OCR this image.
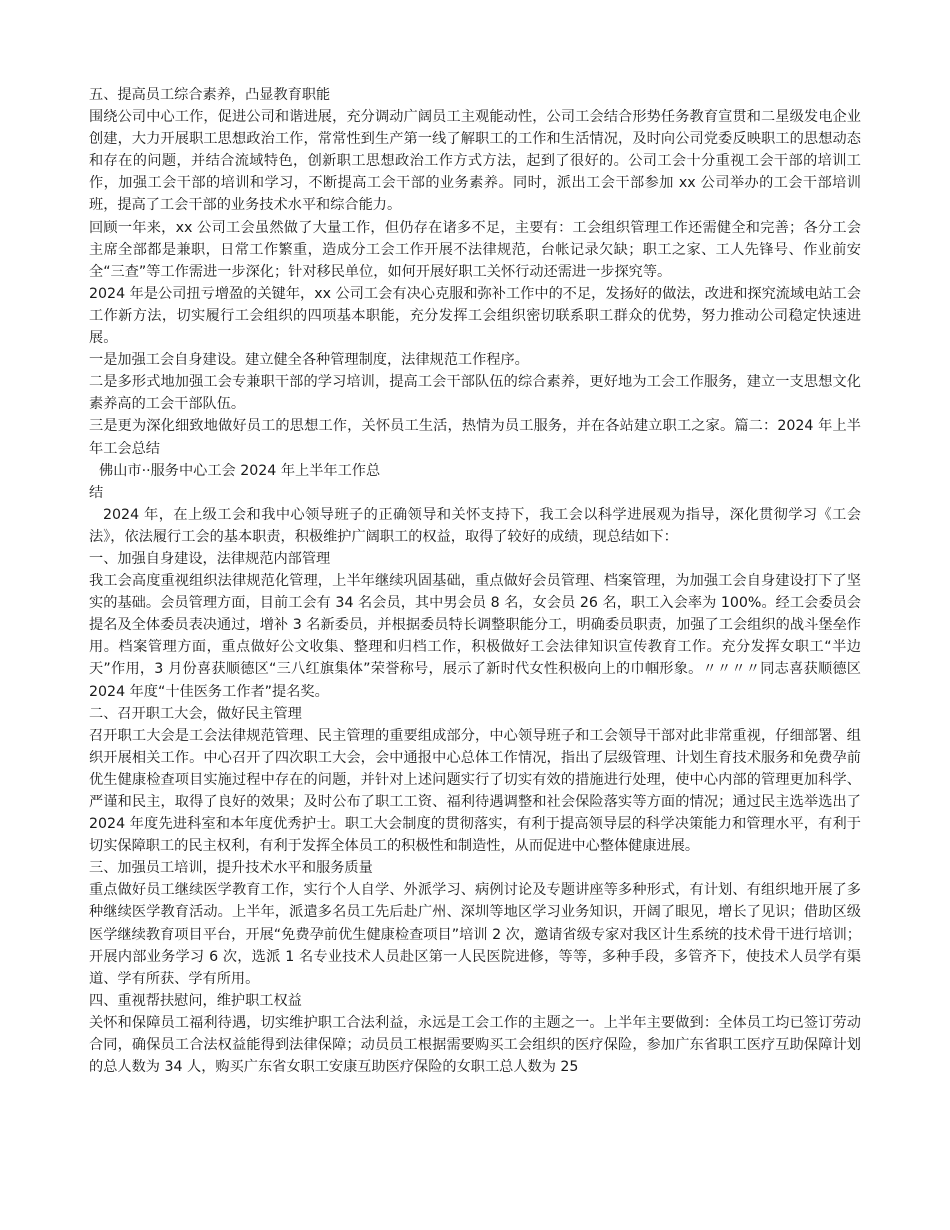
五、提高员工综合素养，凸显教育职能

围绕公司中心工作，促进公司和谐进展，充分调动广阔员工主观能动性，公司工会结合形势任务教育宣贯和二星级发电企业创建，大力开展职工思想政治工作，常常性到生产第一线了解职工的工作和生活情况，及时向公司党委反映职工的思想动态和存在的问题，并结合流域特色，创新职工思想政治工作方式方法，起到了很好的。公司工会十分重视工会干部的培训工作，加强工会干部的培训和学习，不断提高工会干部的业务素养。同时，派出工会干部参加 xx 公司举办的工会干部培训班，提高了工会干部的业务技术水平和综合能力。

回顾一年来，xx 公司工会虽然做了大量工作，但仍存在诸多不足，主要有：工会组织管理工作还需健全和完善；各分工会主席全部都是兼职，日常工作繁重，造成分工会工作开展不法律规范，台帐记录欠缺；职工之家、工人先锋号、作业前安全“三查”等工作需进一步深化；针对移民单位，如何开展好职工关怀行动还需进一步探究等。

2024 年是公司扭亏增盈的关键年，xx 公司工会有决心克服和弥补工作中的不足，发扬好的做法，改进和探究流域电站工会工作新方法，切实履行工会组织的四项基本职能，充分发挥工会组织密切联系职工群众的优势，努力推动公司稳定快速进展。

一是加强工会自身建设。建立健全各种管理制度，法律规范工作程序。

二是多形式地加强工会专兼职干部的学习培训，提高工会干部队伍的综合素养，更好地为工会工作服务，建立一支思想文化素养高的工会干部队伍。

三是更为深化细致地做好员工的思想工作，关怀员工生活，热情为员工服务，并在各站建立职工之家。篇二：2024 年上半年工会总结

佛山市··服务中心工会 2024 年上半年工作总

结

2024 年，在上级工会和我中心领导班子的正确领导和关怀支持下，我工会以科学进展观为指导，深化贯彻学习《工会法》，依法履行工会的基本职责，积极维护广阔职工的权益，取得了较好的成绩，现总结如下：

一、加强自身建设，法律规范内部管理

我工会高度重视组织法律规范化管理，上半年继续巩固基础，重点做好会员管理、档案管理，为加强工会自身建设打下了坚实的基础。会员管理方面，目前工会有 34 名会员，其中男会员 8 名，女会员 26 名，职工入会率为 100%。经工会委员会提名及全体委员表决通过，增补 3 名新委员，并根据委员特长调整职能分工，明确委员职责，加强了工会组织的战斗堡垒作用。档案管理方面，重点做好公文收集、整理和归档工作，积极做好工会法律知识宣传教育工作。充分发挥女职工“半边天”作用，3 月份喜获顺德区“三八红旗集体”荣誉称号，展示了新时代女性积极向上的巾帼形象。〃〃〃〃同志喜获顺德区 2024 年度“十佳医务工作者”提名奖。

二、召开职工大会，做好民主管理

召开职工大会是工会法律规范管理、民主管理的重要组成部分，中心领导班子和工会领导干部对此非常重视，仔细部署、组织开展相关工作。中心召开了四次职工大会，会中通报中心总体工作情况，指出了层级管理、计划生育技术服务和免费孕前优生健康检查项目实施过程中存在的问题，并针对上述问题实行了切实有效的措施进行处理，使中心内部的管理更加科学、严谨和民主，取得了良好的效果；及时公布了职工工资、福利待遇调整和社会保险落实等方面的情况；通过民主选举选出了 2024 年度先进科室和本年度优秀护士。职工大会制度的贯彻落实，有利于提高领导层的科学决策能力和管理水平，有利于切实保障职工的民主权利，有利于发挥全体员工的积极性和制造性，从而促进中心整体健康进展。

三、加强员工培训，提升技术水平和服务质量

重点做好员工继续医学教育工作，实行个人自学、外派学习、病例讨论及专题讲座等多种形式，有计划、有组织地开展了多种继续医学教育活动。上半年，派遣多名员工先后赴广州、深圳等地区学习业务知识，开阔了眼见，增长了见识；借助区级医学继续教育项目平台，开展“免费孕前优生健康检查项目”培训 2 次，邀请省级专家对我区计生系统的技术骨干进行培训；开展内部业务学习 6 次，选派 1 名专业技术人员赴区第一人民医院进修，等等，多种手段，多管齐下，使技术人员学有渠道、学有所获、学有所用。

四、重视帮扶慰问，维护职工权益

关怀和保障员工福利待遇，切实维护职工合法利益，永远是工会工作的主题之一。上半年主要做到：全体员工均已签订劳动合同，确保员工合法权益能得到法律保障；动员员工根据需要购买工会组织的医疗保险，参加广东省职工医疗互助保障计划的总人数为 34 人，购买广东省女职工安康互助医疗保险的女职工总人数为 25
